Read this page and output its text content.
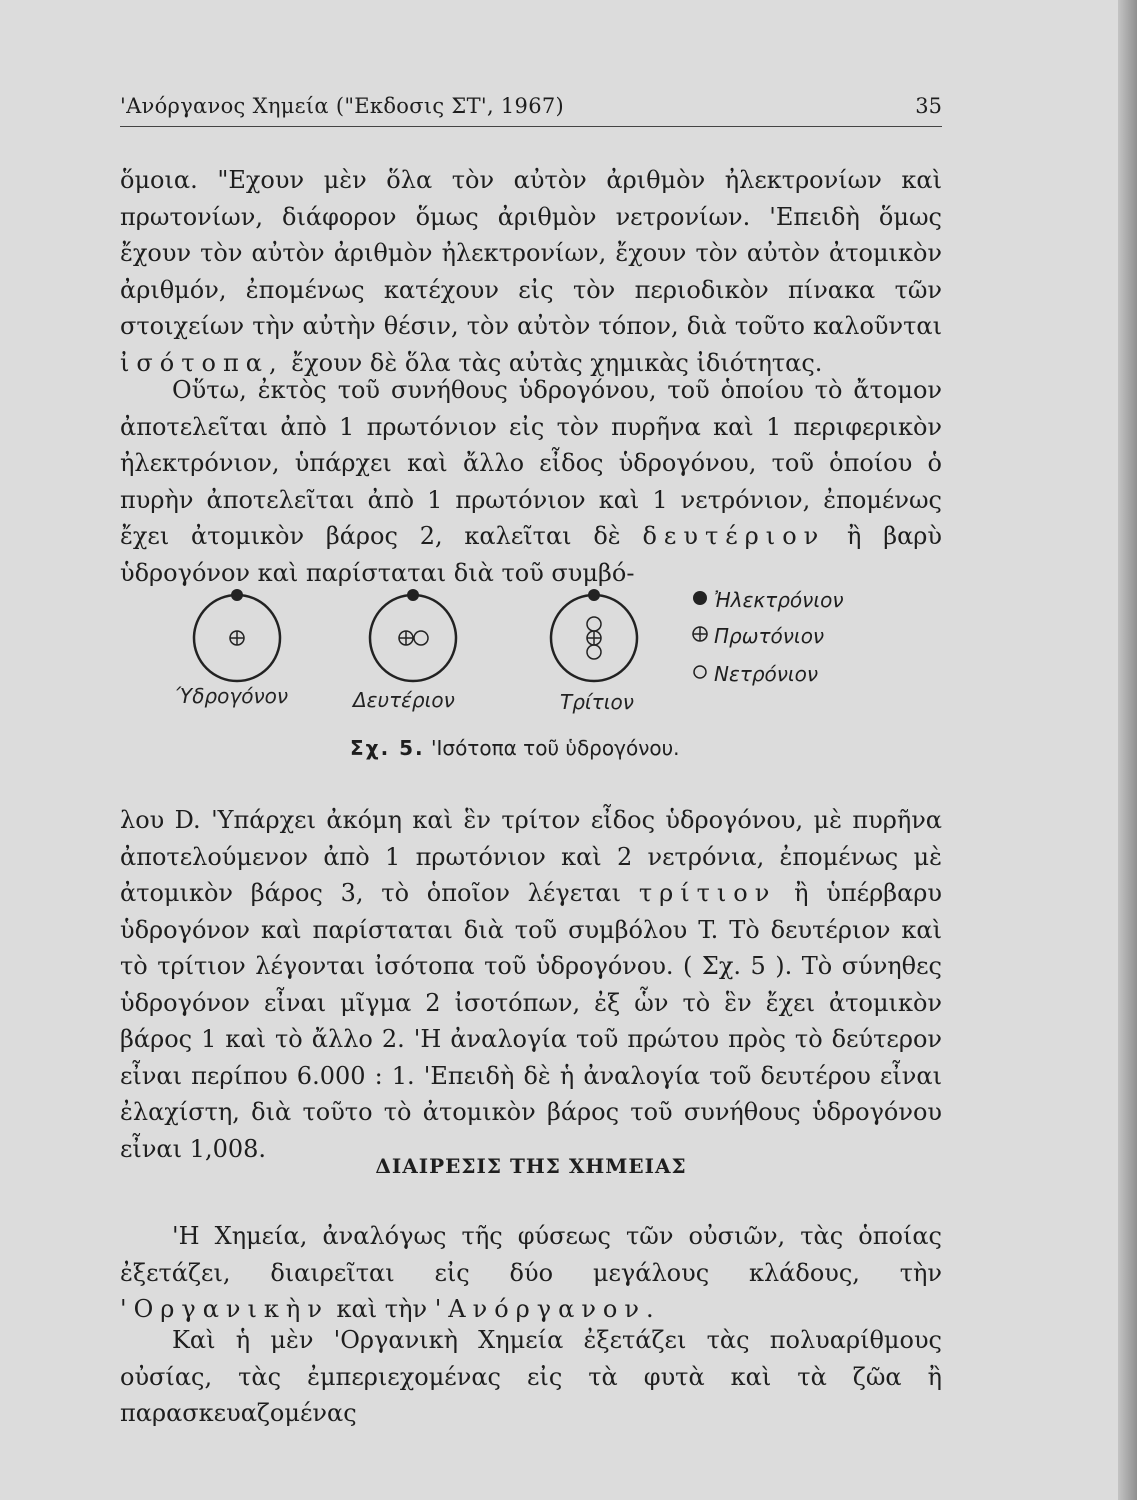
'Ανόργανος Χημεία ("Εκδοσις ΣΤ', 1967)	35

ὅμοια. "Εχουν μὲν ὅλα τὸν αὐτὸν ἀριθμὸν ἠλεκτρονίων καὶ πρωτονίων, διάφορον ὅμως ἀριθμὸν νετρονίων. 'Επειδὴ ὅμως ἔχουν τὸν αὐτὸν ἀριθμὸν ἠλεκτρονίων, ἔχουν τὸν αὐτὸν ἀτομικὸν ἀριθμόν, ἐπομένως κατέχουν εἰς τὸν περιοδικὸν πίνακα τῶν στοιχείων τὴν αὐτὴν θέσιν, τὸν αὐτὸν τόπον, διὰ τοῦτο καλοῦνται ἰσότοπα, ἔχουν δὲ ὅλα τὰς αὐτὰς χημικὰς ἰδιότητας.

Οὕτω, ἐκτὸς τοῦ συνήθους ὑδρογόνου, τοῦ ὁποίου τὸ ἄτομον ἀποτελεῖται ἀπὸ 1 πρωτόνιον εἰς τὸν πυρῆνα καὶ 1 περιφερικὸν ἠλεκτρόνιον, ὑπάρχει καὶ ἄλλο εἶδος ὑδρογόνου, τοῦ ὁποίου ὁ πυρὴν ἀποτελεῖται ἀπὸ 1 πρωτόνιον καὶ 1 νετρόνιον, ἐπομένως ἔχει ἀτομικὸν βάρος 2, καλεῖται δὲ δευτέριον ἢ βαρὺ ὑδρογόνον καὶ παρίσταται διὰ τοῦ συμβό-

Ύδρογόνον	Δευτέριον	Τρίτιον
Ἠλεκτρόνιον
Πρωτόνιον
Νετρόνιον
Σχ. 5. 'Ισότοπα τοῦ ὑδρογόνου.

λου D. 'Υπάρχει ἀκόμη καὶ ἓν τρίτον εἶδος ὑδρογόνου, μὲ πυρῆνα ἀποτελούμενον ἀπὸ 1 πρωτόνιον καὶ 2 νετρόνια, ἐπομένως μὲ ἀτομικὸν βάρος 3, τὸ ὁποῖον λέγεται τρίτιον ἢ ὑπέρβαρυ ὑδρογόνον καὶ παρίσταται διὰ τοῦ συμβόλου T. Τὸ δευτέριον καὶ τὸ τρίτιον λέγονται ἰσότοπα τοῦ ὑδρογόνου. ( Σχ. 5 ). Τὸ σύνηθες ὑδρογόνον εἶναι μῖγμα 2 ἰσοτόπων, ἐξ ὧν τὸ ἓν ἔχει ἀτομικὸν βάρος 1 καὶ τὸ ἄλλο 2. 'Η ἀναλογία τοῦ πρώτου πρὸς τὸ δεύτερον εἶναι περίπου 6.000 : 1. 'Επειδὴ δὲ ἡ ἀναλογία τοῦ δευτέρου εἶναι ἐλαχίστη, διὰ τοῦτο τὸ ἀτομικὸν βάρος τοῦ συνήθους ὑδρογόνου εἶναι 1,008.

ΔΙΑΙΡΕΣΙΣ ΤΗΣ ΧΗΜΕΙΑΣ

'Η Χημεία, ἀναλόγως τῆς φύσεως τῶν οὐσιῶν, τὰς ὁποίας ἐξετάζει, διαιρεῖται εἰς δύο μεγάλους κλάδους, τὴν 'Οργανικὴν καὶ τὴν 'Ανόργανον.

Καὶ ἡ μὲν 'Οργανικὴ Χημεία ἐξετάζει τὰς πολυαρίθμους οὐσίας, τὰς ἐμπεριεχομένας εἰς τὰ φυτὰ καὶ τὰ ζῶα ἢ παρασκευαζομένας
